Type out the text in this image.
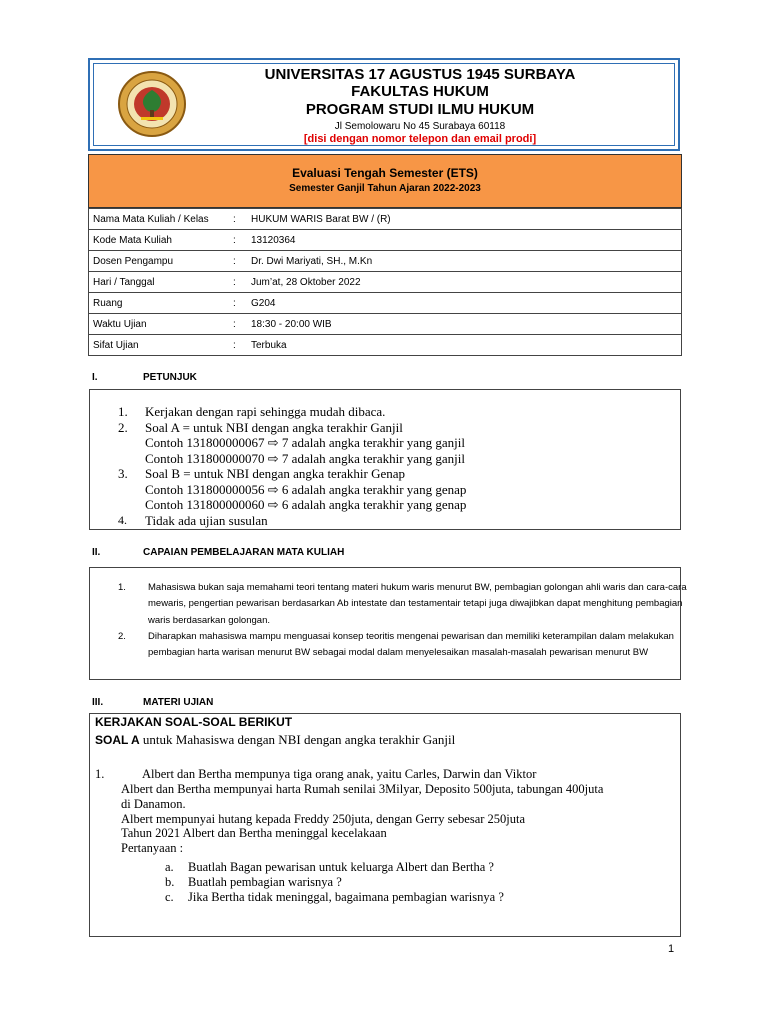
UNIVERSITAS 17 AGUSTUS 1945 SURBAYA
FAKULTAS HUKUM
PROGRAM STUDI ILMU HUKUM
Jl Semolowaru No 45 Surabaya 60118
[disi dengan nomor telepon dan email prodi]
Evaluasi Tengah Semester (ETS)
Semester Ganjil Tahun Ajaran 2022-2023
Nama Mata Kuliah / Kelas	:	HUKUM WARIS Barat BW / (R)
Kode Mata Kuliah	:	13120364
Dosen Pengampu	:	Dr. Dwi Mariyati, SH., M.Kn
Hari / Tanggal	:	Jum’at, 28 Oktober 2022
Ruang	:	G204
Waktu Ujian	:	18:30 - 20:00 WIB
Sifat Ujian	:	Terbuka
I.	PETUNJUK
1. Kerjakan dengan rapi sehingga mudah dibaca.
2. Soal A = untuk NBI dengan angka terakhir Ganjil
Contoh 131800000067 ⇨ 7 adalah angka terakhir yang ganjil
Contoh 131800000070 ⇨ 7 adalah angka terakhir yang ganjil
3. Soal B = untuk NBI dengan angka terakhir Genap
Contoh 131800000056 ⇨ 6 adalah angka terakhir yang genap
Contoh 131800000060 ⇨ 6 adalah angka terakhir yang genap
4. Tidak ada ujian susulan
II.	CAPAIAN PEMBELAJARAN MATA KULIAH
1. Mahasiswa bukan saja memahami teori tentang materi hukum waris menurut BW, pembagian golongan ahli waris dan cara-cara mewaris, pengertian pewarisan berdasarkan Ab intestate dan testamentair tetapi juga diwajibkan dapat menghitung pembagian waris berdasarkan golongan.
2. Diharapkan mahasiswa mampu menguasai konsep teoritis mengenai pewarisan dan memiliki keterampilan dalam melakukan pembagian harta warisan menurut BW sebagai modal dalam menyelesaikan masalah-masalah pewarisan menurut BW
III.	MATERI UJIAN
KERJAKAN SOAL-SOAL BERIKUT
SOAL A untuk Mahasiswa dengan NBI dengan angka terakhir Ganjil
1.	Albert dan Bertha mempunya tiga orang anak, yaitu Carles, Darwin dan Viktor
Albert dan Bertha mempunyai harta Rumah senilai 3Milyar, Deposito 500juta, tabungan 400juta
di Danamon.
Albert mempunyai hutang kepada Freddy 250juta, dengan Gerry sebesar 250juta
Tahun 2021 Albert dan Bertha meninggal kecelakaan
Pertanyaan :
a. Buatlah Bagan pewarisan untuk keluarga Albert dan Bertha ?
b. Buatlah pembagian warisnya ?
c. Jika Bertha tidak meninggal, bagaimana pembagian warisnya ?
1
